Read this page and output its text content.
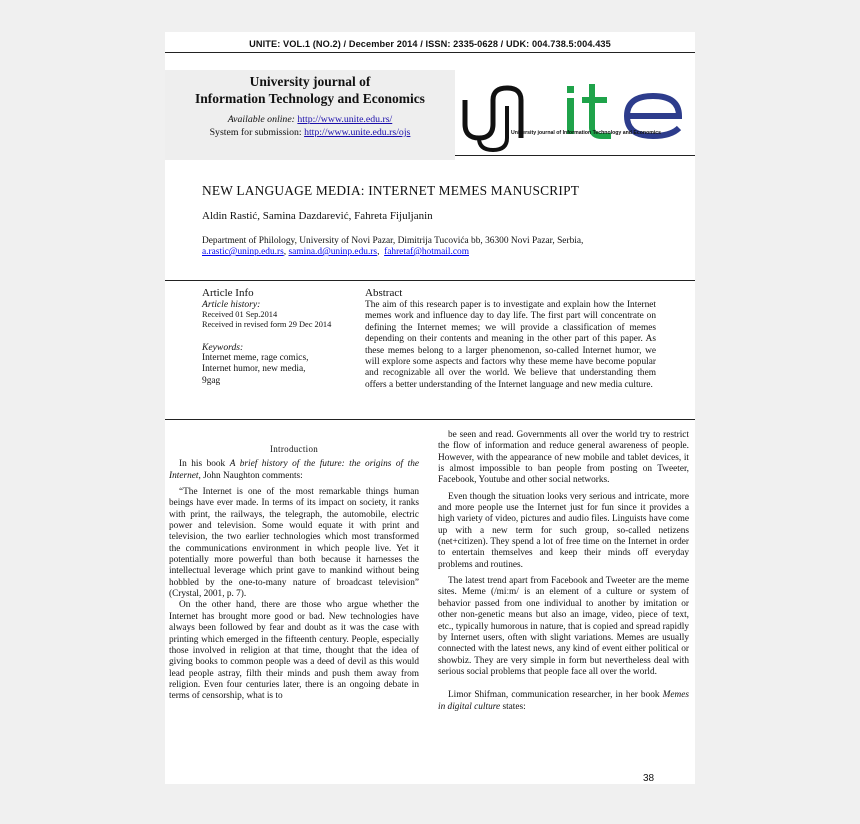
UNITE: VOL.1 (NO.2) / December 2014 / ISSN: 2335-0628 / UDK: 004.738.5:004.435
University journal of
Information Technology and Economics
Available online: http://www.unite.edu.rs/
System for submission: http://www.unite.edu.rs/ojs	University journal of Information Technology and Economics
NEW LANGUAGE MEDIA: INTERNET MEMES MANUSCRIPT
Aldin Rastić, Samina Dazdarević, Fahreta Fijuljanin
Department of Philology, University of Novi Pazar, Dimitrija Tucovića bb, 36300 Novi Pazar, Serbia,
a.rastic@uninp.edu.rs, samina.d@uninp.edu.rs,  fahretaf@hotmail.com
Article Info
Article history:
Received 01 Sep.2014
Received in revised form 29 Dec 2014
Keywords:
Internet meme, rage comics,
Internet humor, new media,
9gag
Abstract
The aim of this research paper is to investigate and explain how the Internet memes work and influence day to day life. The first part will concentrate on defining the Internet memes; we will provide a classification of memes depending on their contents and meaning in the other part of this paper. As these memes belong to a larger phenomenon, so-called Internet humor, we will explore some aspects and factors why these meme have become popular and recognizable all over the world. We believe that understanding them offers a better understanding of the Internet language and new media culture.
Introduction

In his book A brief history of the future: the origins of the Internet, John Naughton comments:

“The Internet is one of the most remarkable things human beings have ever made. In terms of its impact on society, it ranks with print, the railways, the telegraph, the automobile, electric power and television. Some would equate it with print and television, the two earlier technologies which most transformed the communications environment in which people live. Yet it potentially more powerful than both because it harnesses the intellectual leverage which print gave to mankind without being hobbled by the one-to-many nature of broadcast television” (Crystal, 2001, p. 7).

On the other hand, there are those who argue whether the Internet has brought more good or bad. New technologies have always been followed by fear and doubt as it was the case with printing which emerged in the fifteenth century. People, especially those involved in religion at that time, thought that the idea of giving books to common people was a deed of devil as this would lead people astray, filth their minds and push them away from religion. Even four centuries later, there is an ongoing debate in terms of censorship, what is to

be seen and read. Governments all over the world try to restrict the flow of information and reduce general awareness of people. However, with the appearance of new mobile and tablet devices, it is almost impossible to ban people from posting on Tweeter, Facebook, Youtube and other social networks.

Even though the situation looks very serious and intricate, more and more people use the Internet just for fun since it provides a high variety of video, pictures and audio files. Linguists have come up with a new term for such group, so-called netizens (net+citizen). They spend a lot of free time on the Internet in order to entertain themselves and keep their minds off everyday problems and routines.

The latest trend apart from Facebook and Tweeter are the meme sites. Meme (/miːm/ is an element of a culture or system of behavior passed from one individual to another by imitation or other non-genetic means but also an image, video, piece of text, etc., typically humorous in nature, that is copied and spread rapidly by Internet users, often with slight variations. Memes are usually connected with the latest news, any kind of event either political or showbiz. They are very simple in form but nevertheless deal with serious social problems that people face all over the world.

Limor Shifman, communication researcher, in her book Memes in digital culture states:

38
